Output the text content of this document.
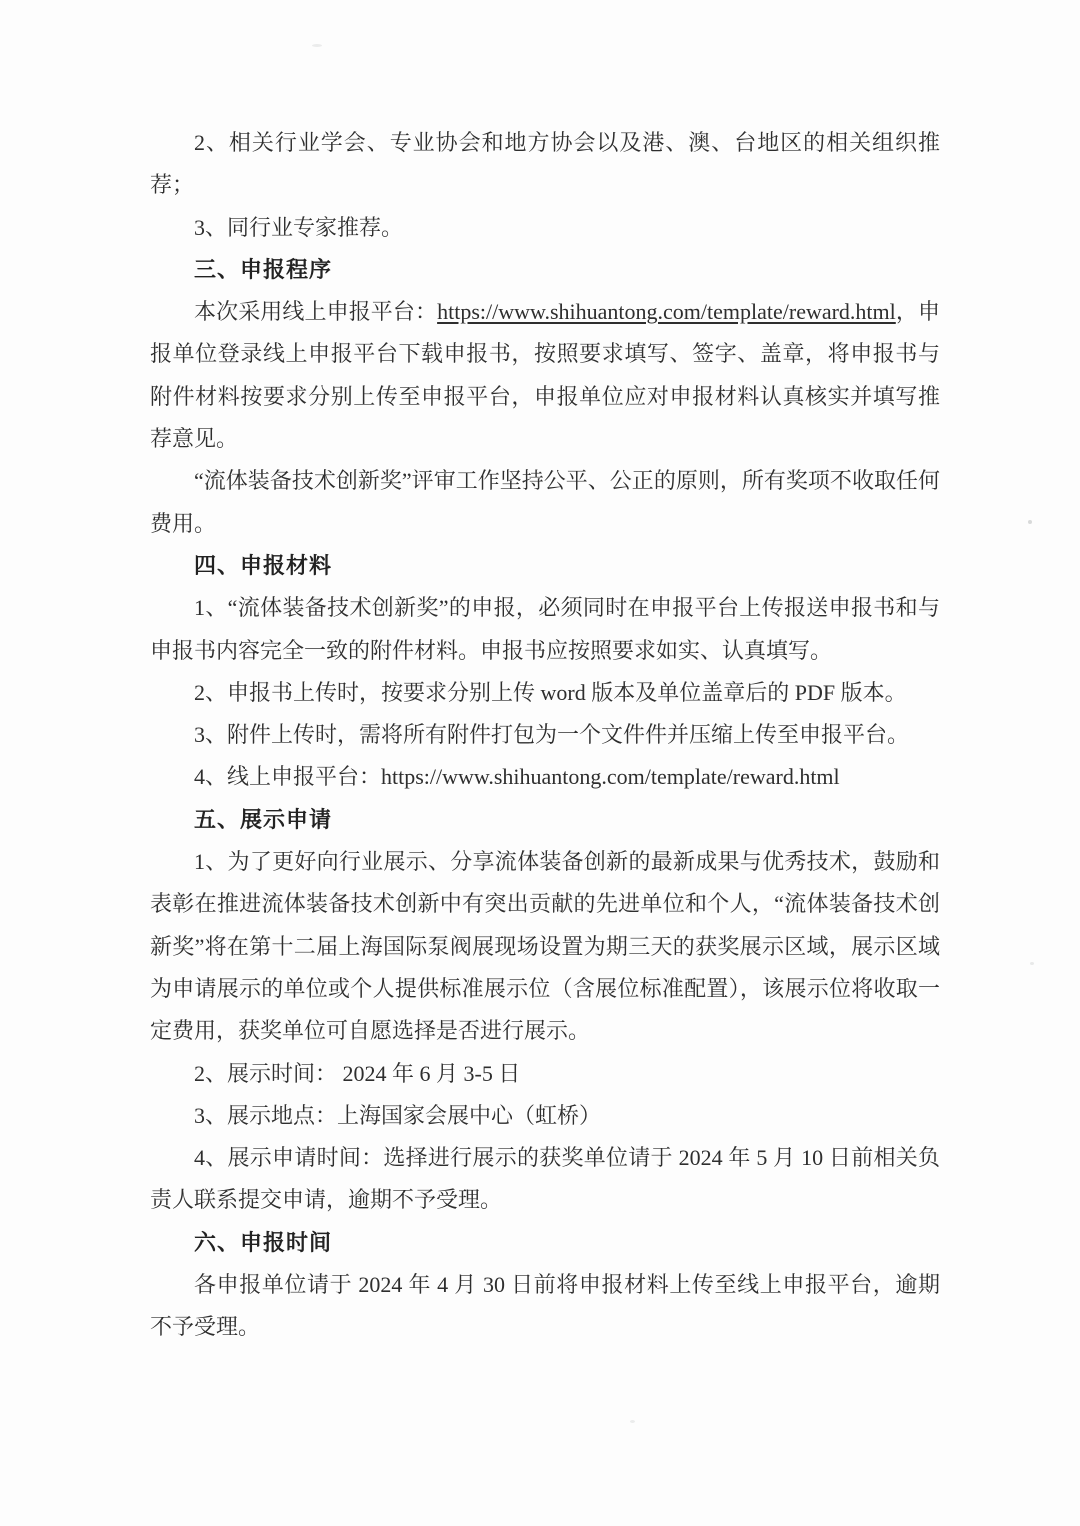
2、相关行业学会、专业协会和地方协会以及港、澳、台地区的相关组织推荐；

3、同行业专家推荐。

三、申报程序

本次采用线上申报平台：https://www.shihuantong.com/template/reward.html，申报单位登录线上申报平台下载申报书，按照要求填写、签字、盖章，将申报书与附件材料按要求分别上传至申报平台，申报单位应对申报材料认真核实并填写推荐意见。

“流体装备技术创新奖”评审工作坚持公平、公正的原则，所有奖项不收取任何费用。

四、申报材料

1、“流体装备技术创新奖”的申报，必须同时在申报平台上传报送申报书和与申报书内容完全一致的附件材料。申报书应按照要求如实、认真填写。

2、申报书上传时，按要求分别上传 word 版本及单位盖章后的 PDF 版本。

3、附件上传时，需将所有附件打包为一个文件件并压缩上传至申报平台。

4、线上申报平台：https://www.shihuantong.com/template/reward.html

五、展示申请

1、为了更好向行业展示、分享流体装备创新的最新成果与优秀技术，鼓励和表彰在推进流体装备技术创新中有突出贡献的先进单位和个人，“流体装备技术创新奖”将在第十二届上海国际泵阀展现场设置为期三天的获奖展示区域，展示区域为申请展示的单位或个人提供标准展示位（含展位标准配置），该展示位将收取一定费用，获奖单位可自愿选择是否进行展示。

2、展示时间： 2024 年 6 月 3-5 日

3、展示地点：上海国家会展中心（虹桥）

4、展示申请时间：选择进行展示的获奖单位请于 2024 年 5 月 10 日前相关负责人联系提交申请，逾期不予受理。

六、申报时间

各申报单位请于 2024 年 4 月 30 日前将申报材料上传至线上申报平台，逾期不予受理。
